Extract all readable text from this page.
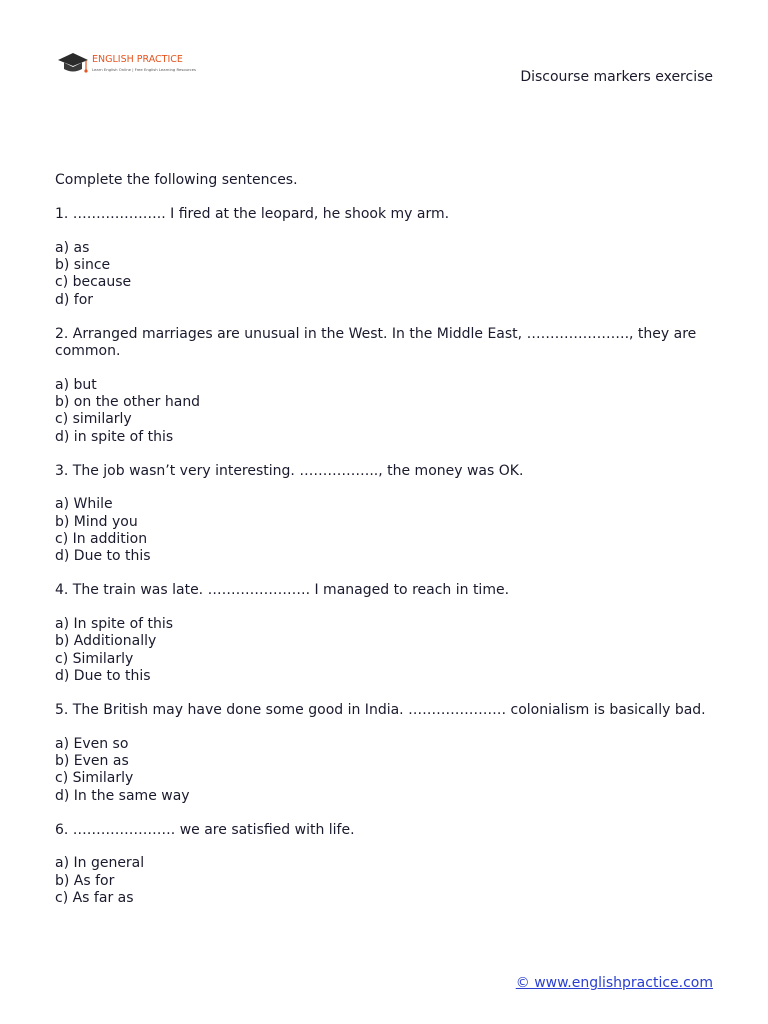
ENGLISH PRACTICE
Learn English Online | Free English Learning Resources	Discourse markers exercise
Complete the following sentences.
1. ……………….. I fired at the leopard, he shook my arm.
a) as
b) since
c) because
d) for
2. Arranged marriages are unusual in the West. In the Middle East, …………………., they are common.
a) but
b) on the other hand
c) similarly
d) in spite of this
3. The job wasn’t very interesting. …………….., the money was OK.
a) While
b) Mind you
c) In addition
d) Due to this
4. The train was late. …………………. I managed to reach in time.
a) In spite of this
b) Additionally
c) Similarly
d) Due to this
5. The British may have done some good in India. ………………… colonialism is basically bad.
a) Even so
b) Even as
c) Similarly
d) In the same way
6. …………………. we are satisfied with life.
a) In general
b) As for
c) As far as
© www.englishpractice.com
